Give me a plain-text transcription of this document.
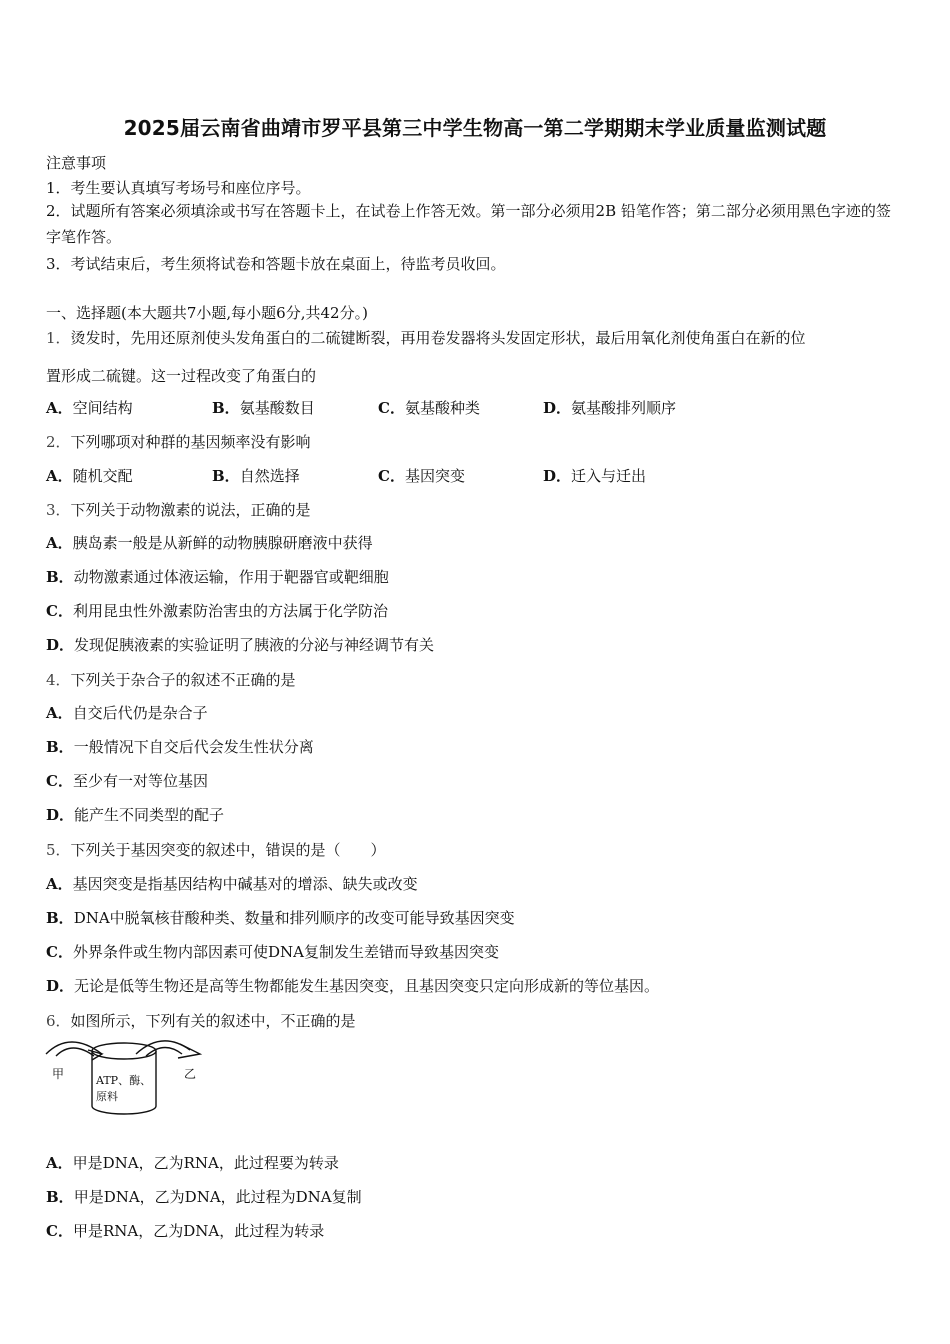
2025届云南省曲靖市罗平县第三中学生物高一第二学期期末学业质量监测试题
注意事项
1．考生要认真填写考场号和座位序号。
2．试题所有答案必须填涂或书写在答题卡上，在试卷上作答无效。第一部分必须用2B 铅笔作答；第二部分必须用黑色字迹的签字笔作答。
3．考试结束后，考生须将试卷和答题卡放在桌面上，待监考员收回。
一、选择题(本大题共7小题,每小题6分,共42分。)
1．烫发时，先用还原剂使头发角蛋白的二硫键断裂，再用卷发器将头发固定形状，最后用氧化剂使角蛋白在新的位
置形成二硫键。这一过程改变了角蛋白的
A．空间结构	B．氨基酸数目	C．氨基酸种类	D．氨基酸排列顺序
2．下列哪项对种群的基因频率没有影响
A．随机交配	B．自然选择	C．基因突变	D．迁入与迁出
3．下列关于动物激素的说法，正确的是
A．胰岛素一般是从新鲜的动物胰腺研磨液中获得
B．动物激素通过体液运输，作用于靶器官或靶细胞
C．利用昆虫性外激素防治害虫的方法属于化学防治
D．发现促胰液素的实验证明了胰液的分泌与神经调节有关
4．下列关于杂合子的叙述不正确的是
A．自交后代仍是杂合子
B．一般情况下自交后代会发生性状分离
C．至少有一对等位基因
D．能产生不同类型的配子
5．下列关于基因突变的叙述中，错误的是（　　）
A．基因突变是指基因结构中碱基对的增添、缺失或改变
B．DNA中脱氧核苷酸种类、数量和排列顺序的改变可能导致基因突变
C．外界条件或生物内部因素可使DNA复制发生差错而导致基因突变
D．无论是低等生物还是高等生物都能发生基因突变，且基因突变只定向形成新的等位基因。
6．如图所示，下列有关的叙述中，不正确的是
甲	乙
ATP、酶、
原料
A．甲是DNA，乙为RNA，此过程要为转录
B．甲是DNA，乙为DNA，此过程为DNA复制
C．甲是RNA，乙为DNA，此过程为转录
